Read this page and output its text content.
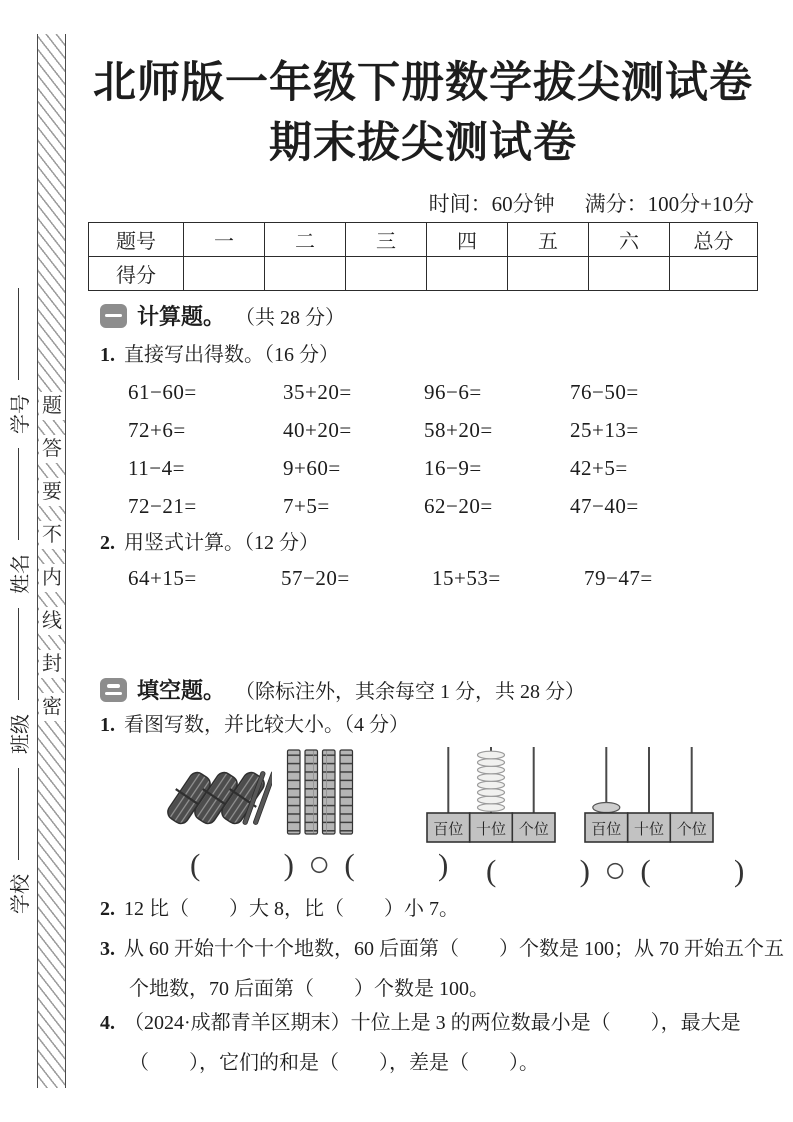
学校
班级
姓名
学号 题
答
要
不
内
线
封
密
北师版一年级下册数学拔尖测试卷
期末拔尖测试卷
时间：60分钟 满分：100分+10分
题号	一	二	三	四	五	六	总分
得分							
计算题。 （共 28 分）
1. 直接写出得数。（16 分）
61−60=	35+20=	96−6=	76−50=
72+6=	40+20=	58+20=	25+13=
11−4=	9+60=	16−9=	42+5=
72−21=	7+5=	62−20=	47−40=
2. 用竖式计算。（12 分）
64+15=	57−20=	15+53=	79−47=
填空题。 （除标注外，其余每空 1 分，共 28 分）
1. 看图写数，并比较大小。（4 分）
百位 十位 个位	百位 十位 个位
(	) ○ (	) (	) ○ (	)
2. 12 比（　　）大 8，比（　　）小 7。
3. 从 60 开始十个十个地数，60 后面第（　　）个数是 100；从 70 开始五个五
个地数，70 后面第（　　）个数是 100。
4. （2024·成都青羊区期末）十位上是 3 的两位数最小是（　　），最大是
（　　），它们的和是（　　），差是（　　）。
